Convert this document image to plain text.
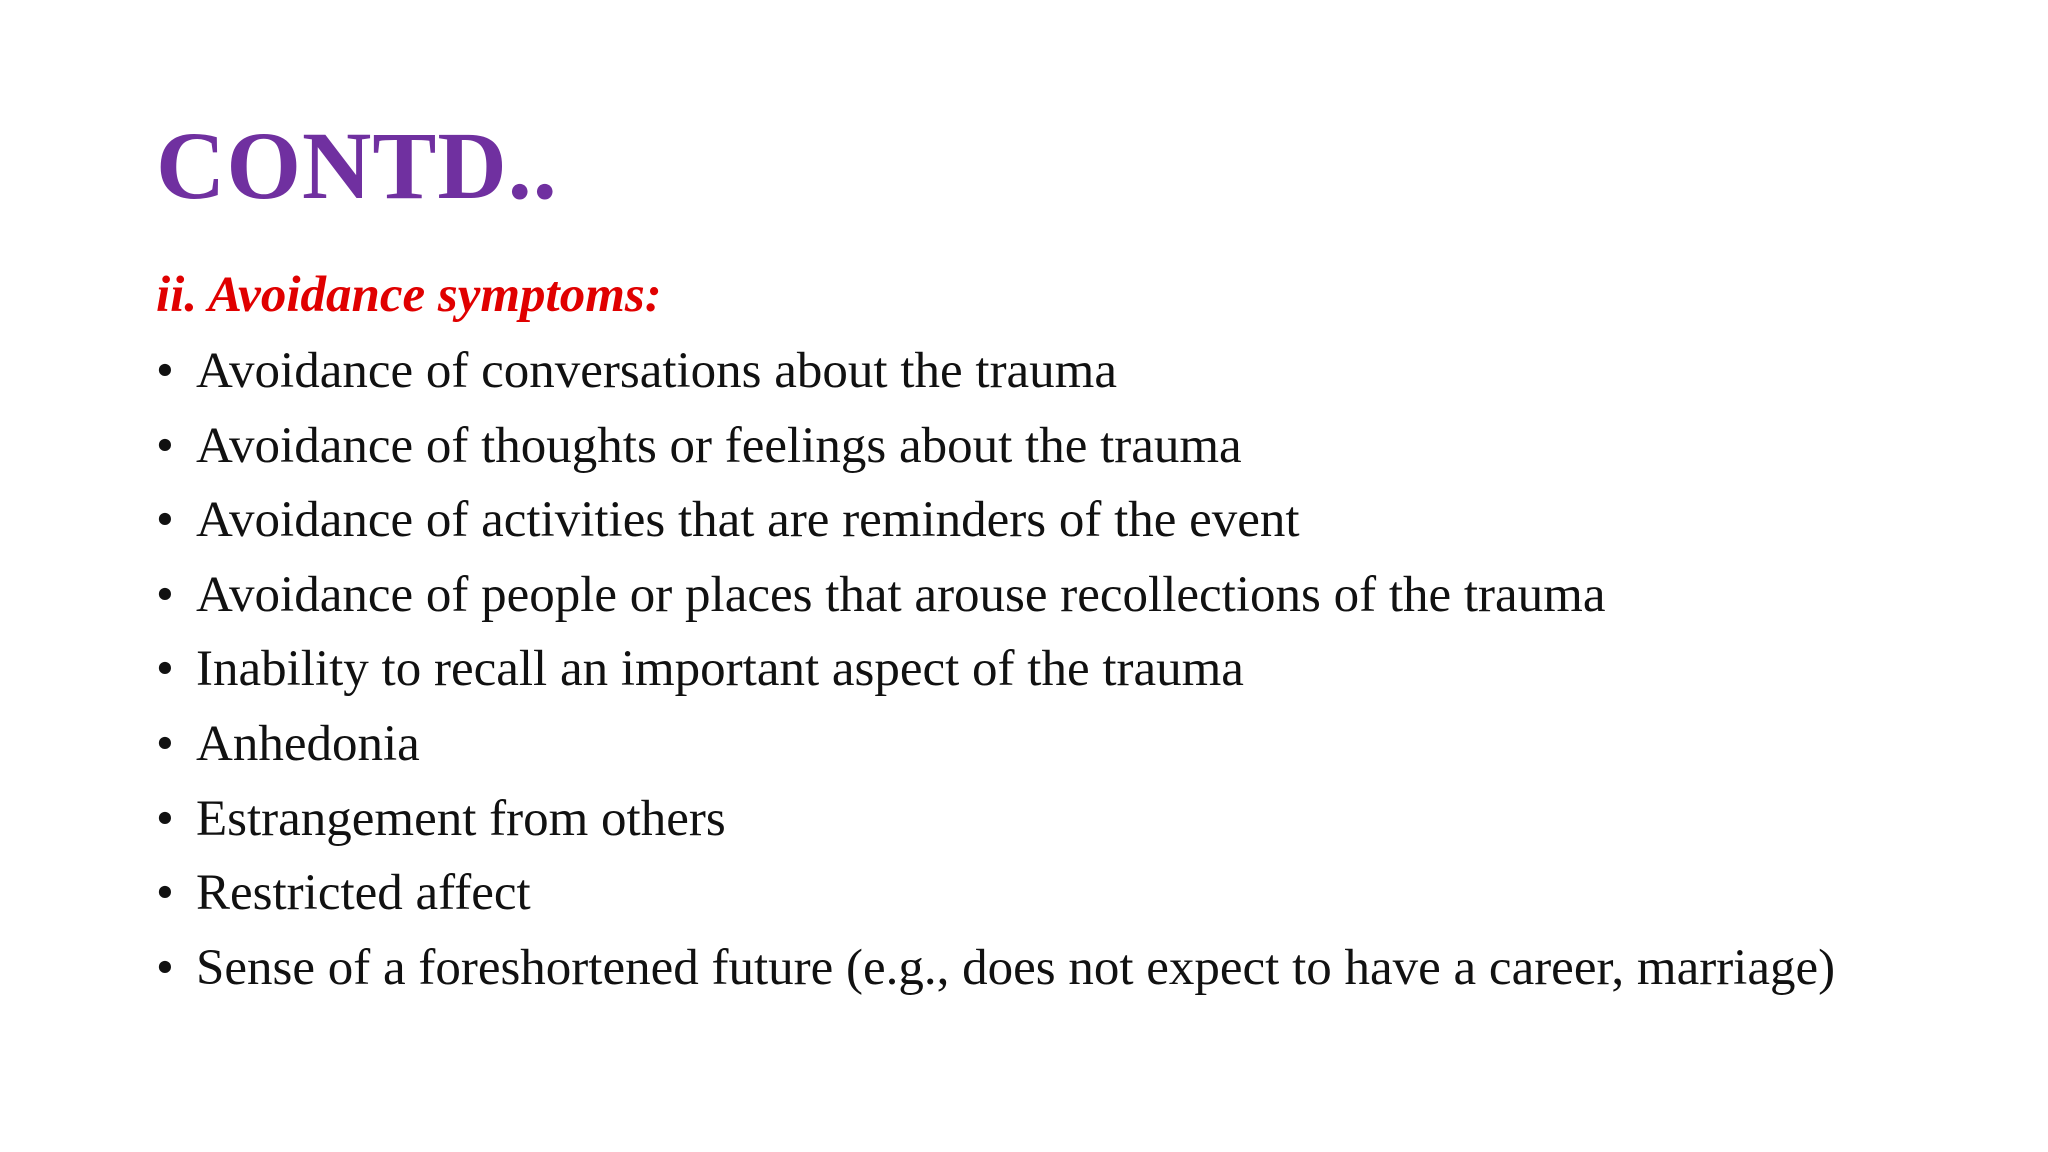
CONTD..
ii. Avoidance symptoms:
• Avoidance of conversations about the trauma
• Avoidance of thoughts or feelings about the trauma
• Avoidance of activities that are reminders of the event
• Avoidance of people or places that arouse recollections of the trauma
• Inability to recall an important aspect of the trauma
• Anhedonia
• Estrangement from others
• Restricted affect
• Sense of a foreshortened future (e.g., does not expect to have a career, marriage)
